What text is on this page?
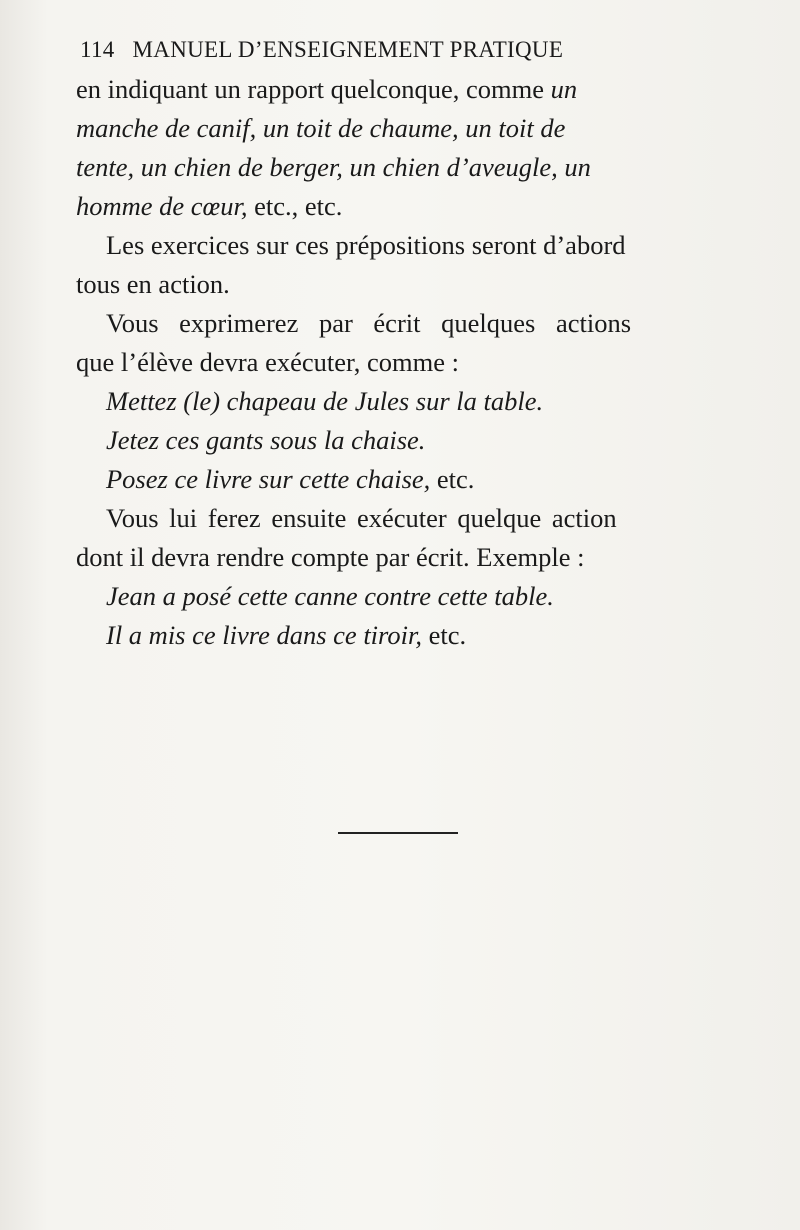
114 MANUEL D’ENSEIGNEMENT PRATIQUE
en indiquant un rapport quelconque, comme un
manche de canif, un toit de chaume, un toit de
tente, un chien de berger, un chien d’aveugle, un
homme de cœur, etc., etc.
Les exercices sur ces prépositions seront d’abord
tous en action.
Vous exprimerez par écrit quelques actions
que l’élève devra exécuter, comme :
Mettez (le) chapeau de Jules sur la table.
Jetez ces gants sous la chaise.
Posez ce livre sur cette chaise, etc.
Vous lui ferez ensuite exécuter quelque action
dont il devra rendre compte par écrit. Exemple :
Jean a posé cette canne contre cette table.
Il a mis ce livre dans ce tiroir, etc.
